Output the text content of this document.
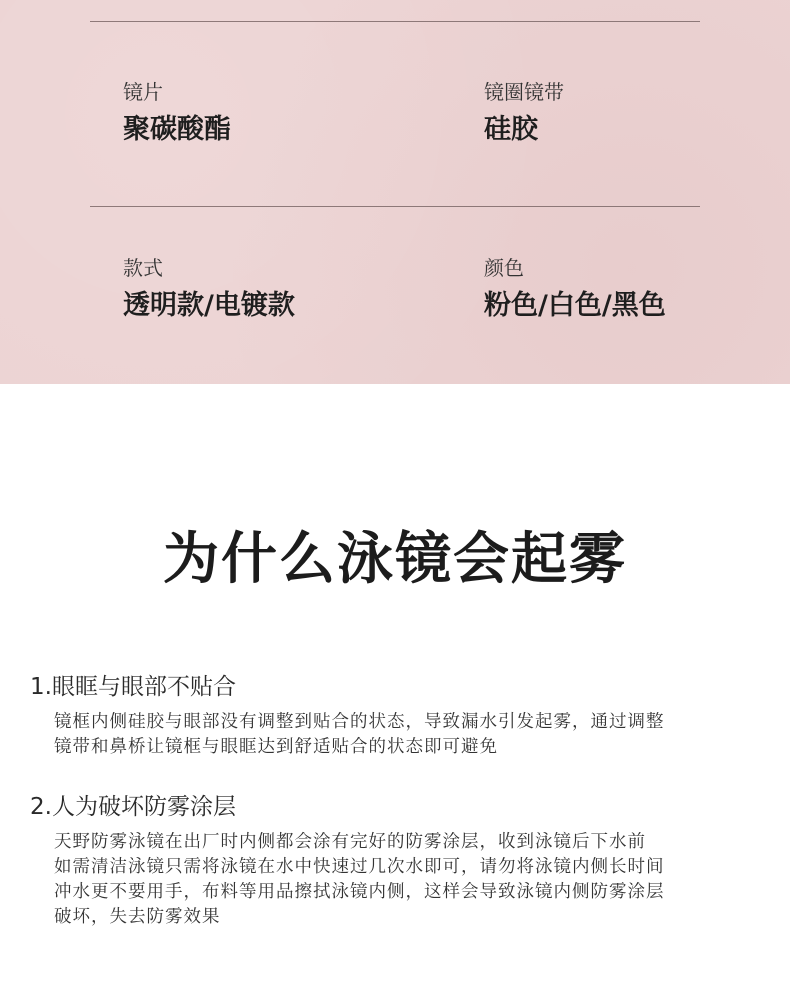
镜片
聚碳酸酯
镜圈镜带
硅胶
款式
透明款/电镀款
颜色
粉色/白色/黑色
为什么泳镜会起雾
1.眼眶与眼部不贴合
镜框内侧硅胶与眼部没有调整到贴合的状态，导致漏水引发起雾，通过调整
镜带和鼻桥让镜框与眼眶达到舒适贴合的状态即可避免
2.人为破坏防雾涂层
天野防雾泳镜在出厂时内侧都会涂有完好的防雾涂层，收到泳镜后下水前
如需清洁泳镜只需将泳镜在水中快速过几次水即可，请勿将泳镜内侧长时间
冲水更不要用手，布料等用品擦拭泳镜内侧，这样会导致泳镜内侧防雾涂层
破坏，失去防雾效果
